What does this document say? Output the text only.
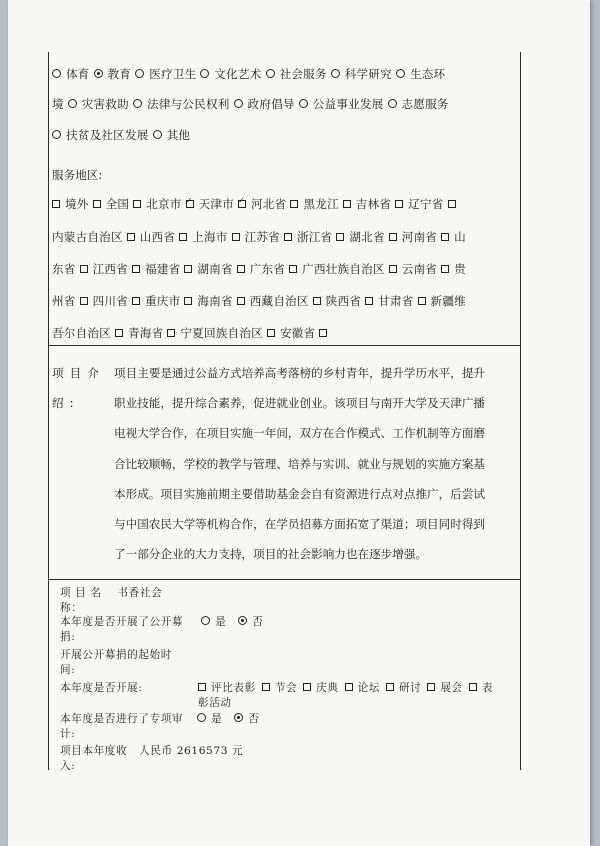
体育 教育 医疗卫生 文化艺术 社会服务 科学研究 生态环
境 灾害救助 法律与公民权利 政府倡导 公益事业发展 志愿服务
扶贫及社区发展 其他
服务地区:
境外 全国 北京市 ✓ 天津市 ✓ 河北省 黑龙江 吉林省 辽宁省
内蒙古自治区 山西省 上海市 江苏省 浙江省 湖北省 河南省 山
东省 江西省 福建省 湖南省 广东省 广西壮族自治区 云南省 贵
州省 四川省 重庆市 海南省 西藏自治区 陕西省 甘肃省 新疆维
吾尔自治区 青海省 宁夏回族自治区 安徽省
项目介绍:
项目主要是通过公益方式培养高考落榜的乡村青年，提升学历水平，提升
职业技能，提升综合素养，促进就业创业。该项目与南开大学及天津广播
电视大学合作，在项目实施一年间，双方在合作模式、工作机制等方面磨
合比较顺畅，学校的教学与管理、培养与实训、就业与规划的实施方案基
本形成。项目实施前期主要借助基金会自有资源进行点对点推广，后尝试
与中国农民大学等机构合作，在学员招募方面拓宽了渠道；项目同时得到
了一部分企业的大力支持，项目的社会影响力也在逐步增强。
项 目 名 书香社会
称：
本年度是否开展了公开募	是 否
捐:
开展公开募捐的起始时
间:
本年度是否开展:	评比表彰 节会 庆典 论坛 研讨 展会 表
彰活动
本年度是否进行了专项审	是 否
计:
项目本年度收 人民币 2616573 元
入:
